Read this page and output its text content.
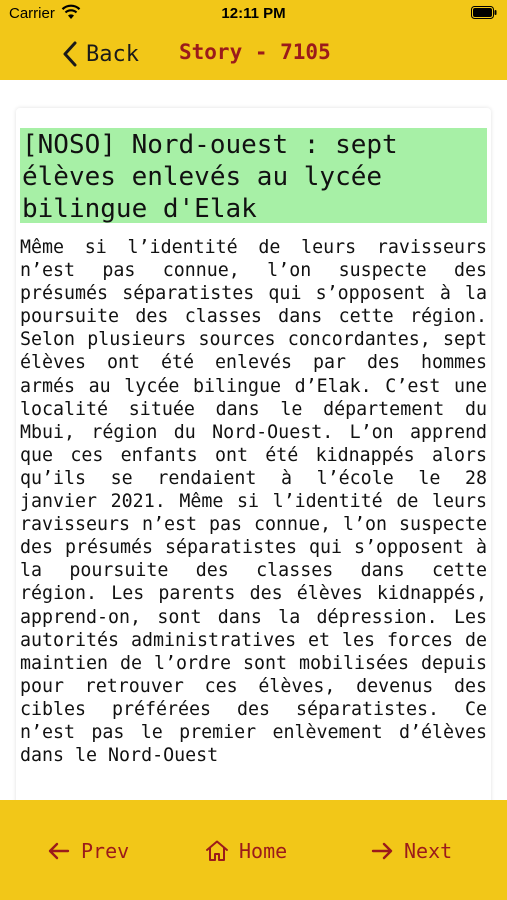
Carrier	12:11 PM
Back Story - 7105
[NOSO] Nord-ouest : sept élèves enlevés au lycée bilingue d'Elak
Même si l’identité de leurs ravisseurs n’est pas connue, l’on suspecte des présumés séparatistes qui s’opposent à la poursuite des classes dans cette région. Selon plusieurs sources concordantes, sept élèves ont été enlevés par des hommes armés au lycée bilingue d’Elak. C’est une localité située dans le département du Mbui, région du Nord-Ouest. L’on apprend que ces enfants ont été kidnappés alors qu’ils se rendaient à l’école le 28 janvier 2021. Même si l’identité de leurs ravisseurs n’est pas connue, l’on suspecte des présumés séparatistes qui s’opposent à la poursuite des classes dans cette région. Les parents des élèves kidnappés, apprend-on, sont dans la dépression. Les autorités administratives et les forces de maintien de l’ordre sont mobilisées depuis pour retrouver ces élèves, devenus des cibles préférées des séparatistes. Ce n’est pas le premier enlèvement d’élèves dans le Nord-Ouest
Prev	Home	Next
